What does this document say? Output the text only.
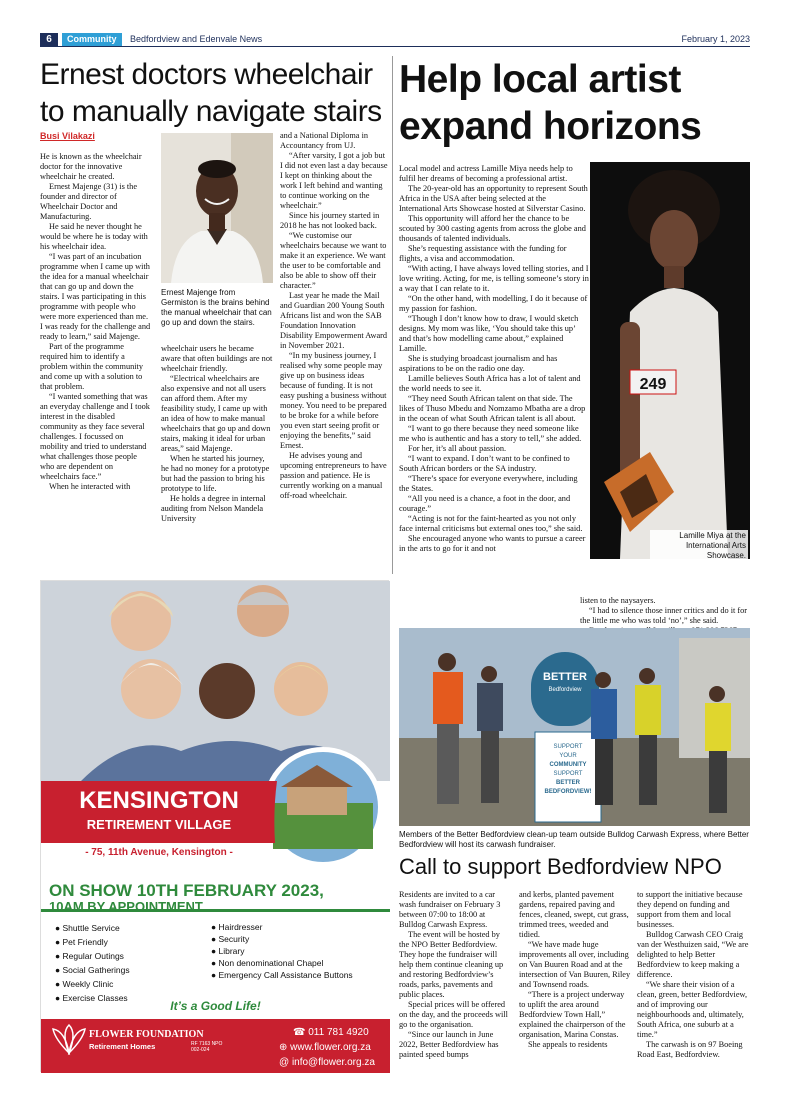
6	Community	Bedfordview and Edenvale News	February 1, 2023
Ernest doctors wheelchair to manually navigate stairs
Busi Vilakazi

He is known as the wheelchair doctor for the innovative wheelchair he created.

Ernest Majenge (31) is the founder and director of Wheelchair Doctor and Manufacturing.

He said he never thought he would be where he is today with his wheelchair idea.

“I was part of an incubation programme when I came up with the idea for a manual wheelchair that can go up and down the stairs. I was participating in this programme with people who were more experienced than me. I was ready for the challenge and ready to learn,” said Majenge.

Part of the programme required him to identify a problem within the community and come up with a solution to that problem.

“I wanted something that was an everyday challenge and I took interest in the disabled community as they face several challenges. I focussed on mobility and tried to understand what challenges those people who are dependent on wheelchairs face.”

When he interacted with

Ernest Majenge from Germiston is the brains behind the manual wheelchair that can go up and down the stairs.

wheelchair users he became aware that often buildings are not wheelchair friendly.

“Electrical wheelchairs are also expensive and not all users can afford them. After my feasibility study, I came up with an idea of how to make manual wheelchairs that go up and down stairs, making it ideal for urban areas,” said Majenge.

When he started his journey, he had no money for a prototype but had the passion to bring his prototype to life.

He holds a degree in internal auditing from Nelson Mandela University

and a National Diploma in Accountancy from UJ.

“After varsity, I got a job but I did not even last a day because I kept on thinking about the work I left behind and wanting to continue working on the wheelchair.”

Since his journey started in 2018 he has not looked back.

“We customise our wheelchairs because we want to make it an experience. We want the user to be comfortable and also be able to show off their character.”

Last year he made the Mail and Guardian 200 Young South Africans list and won the SAB Foundation Innovation Disability Empowerment Award in November 2021.

“In my business journey, I realised why some people may give up on business ideas because of funding. It is not easy pushing a business without money. You need to be prepared to be broke for a while before you even start seeing profit or enjoying the benefits,” said Ernest.

He advises young and upcoming entrepreneurs to have passion and patience. He is currently working on a manual off-road wheelchair.

Help local artist expand horizons

Local model and actress Lamille Miya needs help to fulfil her dreams of becoming a professional artist.

The 20-year-old has an opportunity to represent South Africa in the USA after being selected at the International Arts Showcase hosted at Silverstar Casino.

This opportunity will afford her the chance to be scouted by 300 casting agents from across the globe and thousands of talented individuals.

She’s requesting assistance with the funding for flights, a visa and accommodation.

“With acting, I have always loved telling stories, and I love writing. Acting, for me, is telling someone’s story in a way that I can relate to it.

“On the other hand, with modelling, I do it because of my passion for fashion.

“Though I don’t know how to draw, I would sketch designs. My mom was like, ‘You should take this up’ and that’s how modelling came about,” explained Lamille.

She is studying broadcast journalism and has aspirations to be on the radio one day.

Lamille believes South Africa has a lot of talent and the world needs to see it.

“They need South African talent on that side. The likes of Thuso Mbedu and Nomzamo Mbatha are a drop in the ocean of what South African talent is all about.

“I want to go there because they need someone like me who is authentic and has a story to tell,” she added.

For her, it’s all about passion.

“I want to expand. I don’t want to be confined to South African borders or the SA industry.

“There’s space for everyone everywhere, including the States.

“All you need is a chance, a foot in the door, and courage.”

“Acting is not for the faint-hearted as you not only face internal criticisms but external ones too,” she said.

She encouraged anyone who wants to pursue a career in the arts to go for it and not

249
Lamille Miya at the International Arts Showcase.

listen to the naysayers.

“I had to silence those inner critics and do it for the little me who was told ‘no’,” she said.

KENSINGTON
RETIREMENT VILLAGE
- 75, 11th Avenue, Kensington -
ON SHOW 10TH FEBRUARY 2023,
10AM BY APPOINTMENT
● Shuttle Service
● Pet Friendly
● Regular Outings
● Social Gatherings
● Weekly Clinic
● Exercise Classes
● Hairdresser
● Security
● Library
● Non denominational Chapel
● Emergency Call Assistance Buttons
It’s a Good Life!
FLOWER FOUNDATION
Retirement Homes	RF 7163 NPO 002-024
☎ 011 781 4920
⊕ www.flower.org.za
@ info@flower.org.za
BETTER
Bedfordview
SUPPORT
YOUR
COMMUNITY
SUPPORT
BETTER
BEDFORDVIEW!
Members of the Better Bedfordview clean-up team outside Bulldog Carwash Express, where Better Bedfordview will host its carwash fundraiser.
Call to support Bedfordview NPO

Residents are invited to a car wash fundraiser on February 3 between 07:00 to 18:00 at Bulldog Carwash Express.

The event will be hosted by the NPO Better Bedfordview. They hope the fundraiser will help them continue cleaning up and restoring Bedfordview’s roads, parks, pavements and public places.

Special prices will be offered on the day, and the proceeds will go to the organisation.

“Since our launch in June 2022, Better Bedfordview has painted speed bumps

and kerbs, planted pavement gardens, repaired paving and fences, cleaned, swept, cut grass, trimmed trees, weeded and tidied.

“We have made huge improvements all over, including on Van Buuren Road and at the intersection of Van Buuren, Riley and Townsend roads.

“There is a project underway to uplift the area around Bedfordview Town Hall,” explained the chairperson of the organisation, Marina Constas.

She appeals to residents

to support the initiative because they depend on funding and support from them and local businesses.

Bulldog Carwash CEO Craig van der Westhuizen said, “We are delighted to help Better Bedfordview to keep making a difference.

“We share their vision of a clean, green, better Bedfordview, and of improving our neighbourhoods and, ultimately, South Africa, one suburb at a time.”

The carwash is on 97 Boeing Road East, Bedfordview.
